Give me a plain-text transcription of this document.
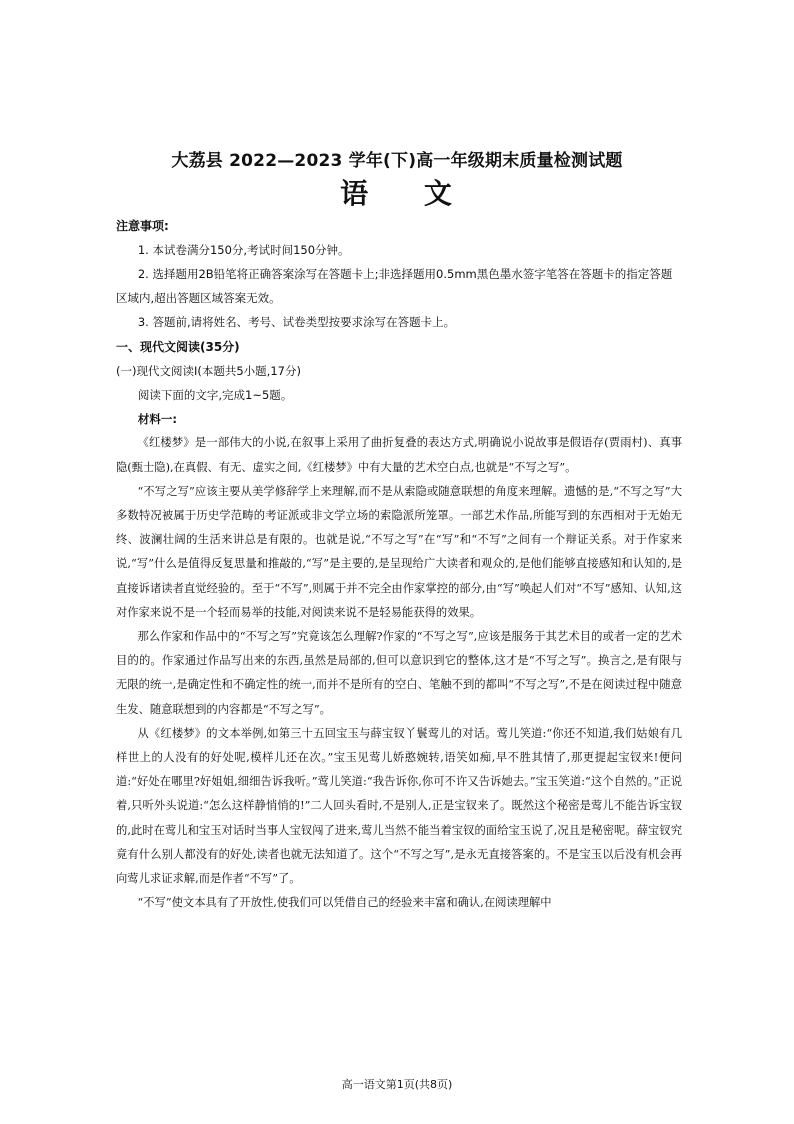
大荔县 2022—2023 学年(下)高一年级期末质量检测试题
语 文

注意事项:

1. 本试卷满分150分,考试时间150分钟。

2. 选择题用2B铅笔将正确答案涂写在答题卡上;非选择题用0.5mm黑色墨水签字笔答在答题卡的指定答题区域内,超出答题区域答案无效。

3. 答题前,请将姓名、考号、试卷类型按要求涂写在答题卡上。

一、现代文阅读(35分)

(一)现代文阅读Ⅰ(本题共5小题,17分)

阅读下面的文字,完成1~5题。

材料一:

《红楼梦》是一部伟大的小说,在叙事上采用了曲折复叠的表达方式,明确说小说故事是假语存(贾雨村)、真事隐(甄士隐),在真假、有无、虚实之间,《红楼梦》中有大量的艺术空白点,也就是“不写之写”。

“不写之写”应该主要从美学修辞学上来理解,而不是从索隐或随意联想的角度来理解。遗憾的是,“不写之写”大多数特况被属于历史学范畴的考证派或非文学立场的索隐派所笼罩。一部艺术作品,所能写到的东西相对于无始无终、波澜壮阔的生活来讲总是有限的。也就是说,“不写之写”在“写”和“不写”之间有一个辩证关系。对于作家来说,“写”什么是值得反复思量和推敲的,“写”是主要的,是呈现给广大读者和观众的,是他们能够直接感知和认知的,是直接诉诸读者直觉经验的。至于“不写”,则属于并不完全由作家掌控的部分,由“写”唤起人们对“不写”感知、认知,这对作家来说不是一个轻而易举的技能,对阅读来说不是轻易能获得的效果。

那么作家和作品中的“不写之写”究竟该怎么理解?作家的“不写之写”,应该是服务于其艺术目的或者一定的艺术目的的。作家通过作品写出来的东西,虽然是局部的,但可以意识到它的整体,这才是“不写之写”。换言之,是有限与无限的统一,是确定性和不确定性的统一,而并不是所有的空白、笔触不到的都叫“不写之写”,不是在阅读过程中随意生发、随意联想到的内容都是“不写之写”。

从《红楼梦》的文本举例,如第三十五回宝玉与薛宝钗丫鬟莺儿的对话。莺儿笑道:“你还不知道,我们姑娘有几样世上的人没有的好处呢,模样儿还在次。”宝玉见莺儿娇憨婉转,语笑如痴,早不胜其情了,那更提起宝钗来!便问道:“好处在哪里?好姐姐,细细告诉我听。”莺儿笑道:“我告诉你,你可不许又告诉她去。”宝玉笑道:“这个自然的。”正说着,只听外头说道:“怎么这样静悄悄的!”二人回头看时,不是别人,正是宝钗来了。既然这个秘密是莺儿不能告诉宝钗的,此时在莺儿和宝玉对话时当事人宝钗闯了进来,莺儿当然不能当着宝钗的面给宝玉说了,况且是秘密呢。薛宝钗究竟有什么别人都没有的好处,读者也就无法知道了。这个“不写之写”,是永无直接答案的。不是宝玉以后没有机会再向莺儿求证求解,而是作者“不写”了。

“不写”使文本具有了开放性,使我们可以凭借自己的经验来丰富和确认,在阅读理解中

高一语文第1页(共8页)
